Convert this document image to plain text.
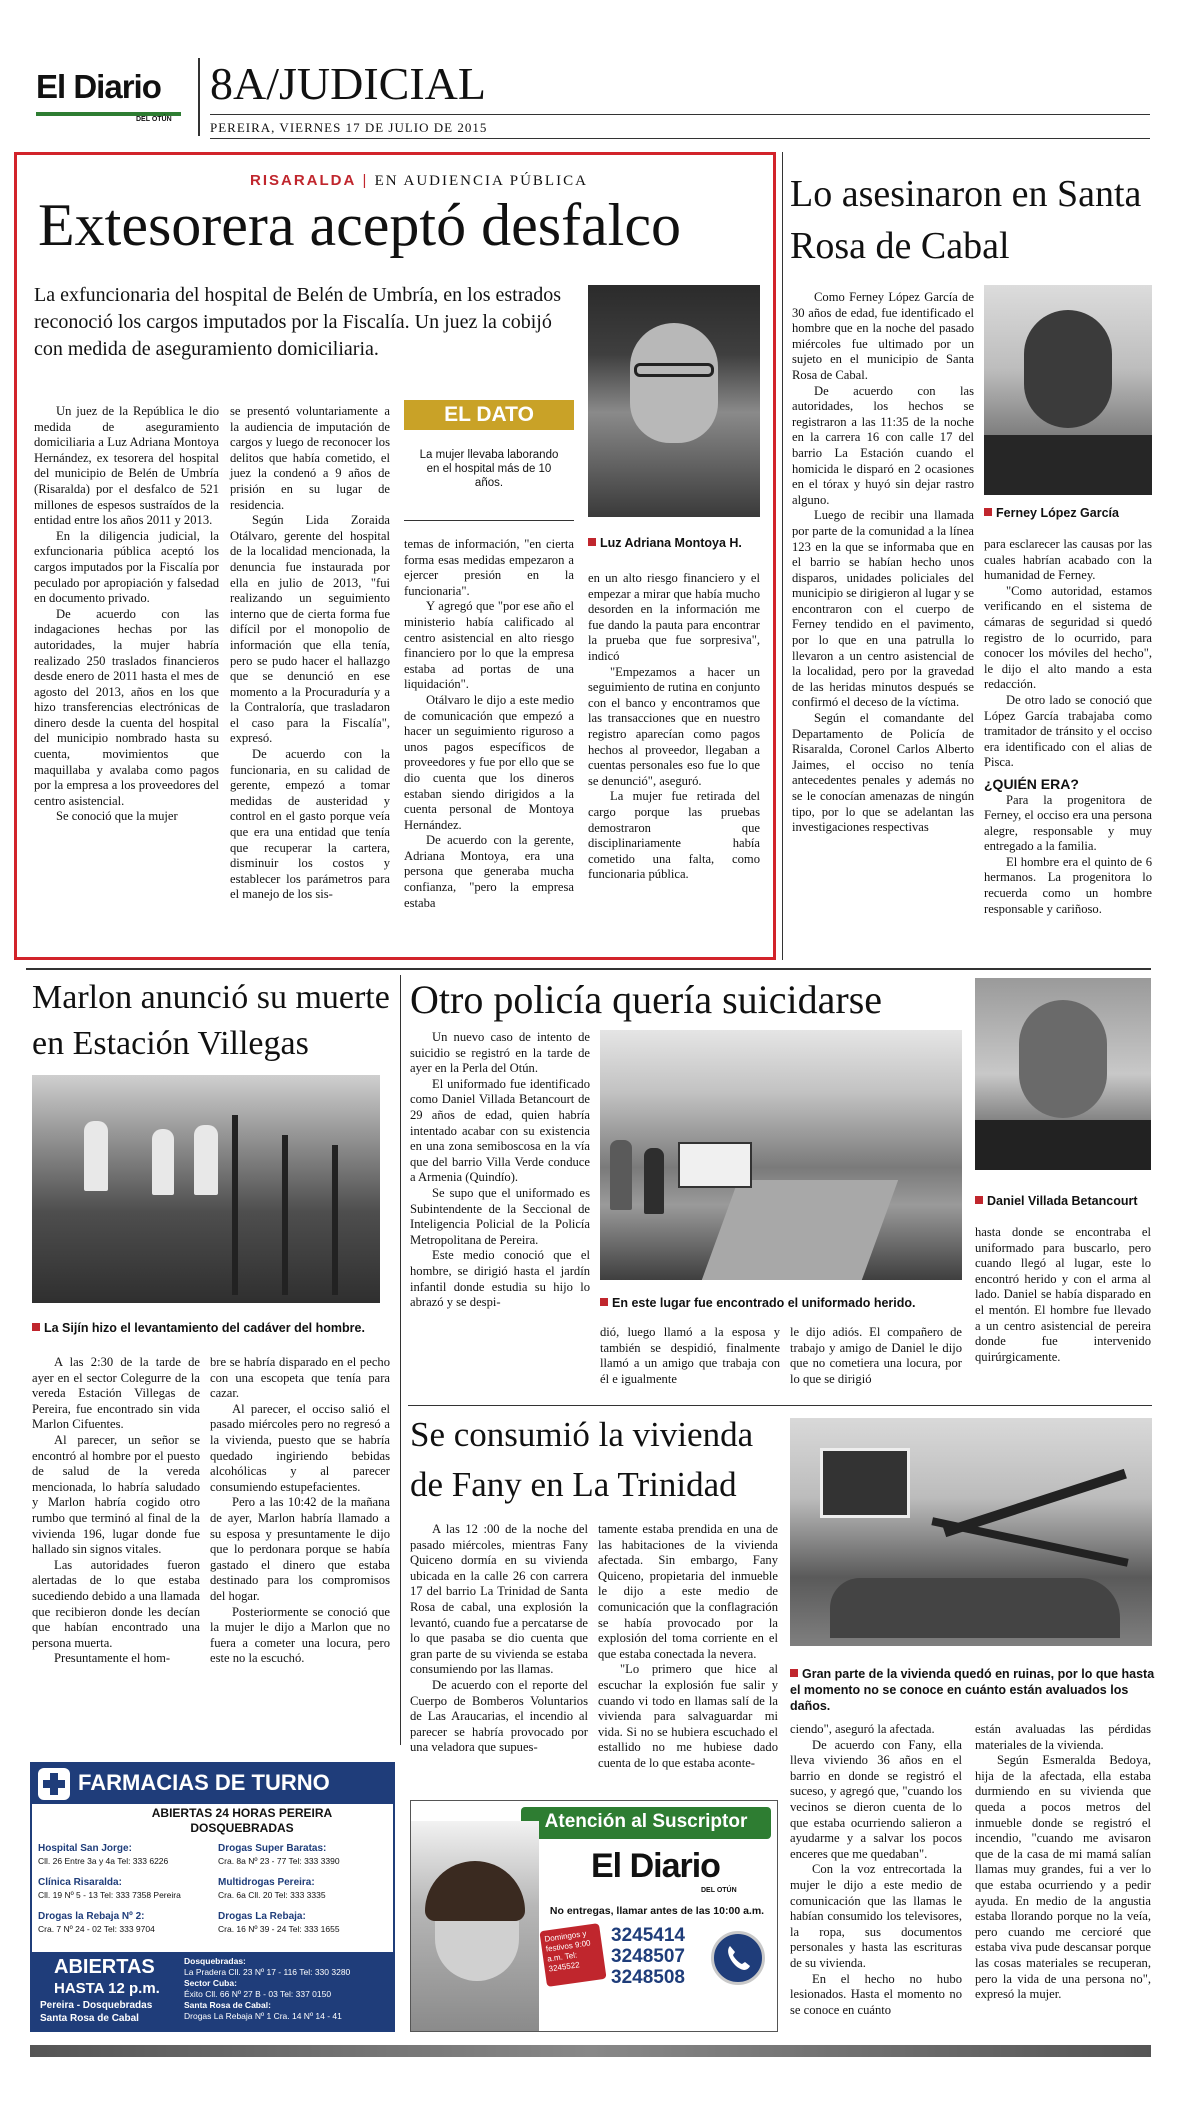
El Diario
DEL OTÚN
8A/JUDICIAL
PEREIRA, VIERNES 17 DE JULIO DE 2015
RISARALDA | EN AUDIENCIA PÚBLICA
Extesorera aceptó desfalco
La exfuncionaria del hospital de Belén de Umbría, en los estrados reconoció los cargos imputados por la Fiscalía. Un juez la cobijó con medida de aseguramiento domiciliaria.
EL DATO
La mujer llevaba laborando en el hospital más de 10 años.
Luz Adriana Montoya H.

Un juez de la República le dio medida de aseguramiento domiciliaria a Luz Adriana Montoya Hernández, ex tesorera del hospital del municipio de Belén de Umbría (Risaralda) por el desfalco de 521 millones de espesos sustraídos de la entidad entre los años 2011 y 2013.

En la diligencia judicial, la exfuncionaria pública aceptó los cargos imputados por la Fiscalía por peculado por apropiación y falsedad en documento privado.

De acuerdo con las indagaciones hechas por las autoridades, la mujer habría realizado 250 traslados financieros desde enero de 2011 hasta el mes de agosto del 2013, años en los que hizo transferencias electrónicas de dinero desde la cuenta del hospital del municipio nombrado hasta su cuenta, movimientos que maquillaba y avalaba como pagos por la empresa a los proveedores del centro asistencial.

Se conoció que la mujer

se presentó voluntariamente a la audiencia de imputación de cargos y luego de reconocer los delitos que había cometido, el juez la condenó a 9 años de prisión en su lugar de residencia.

Según Lida Zoraida Otálvaro, gerente del hospital de la localidad mencionada, la denuncia fue instaurada por ella en julio de 2013, "fui realizando un seguimiento interno que de cierta forma fue difícil por el monopolio de información que ella tenía, pero se pudo hacer el hallazgo que se denunció en ese momento a la Procuraduría y a la Contraloría, que trasladaron el caso para la Fiscalía", expresó.

De acuerdo con la funcionaria, en su calidad de gerente, empezó a tomar medidas de austeridad y control en el gasto porque veía que era una entidad que tenía que recuperar la cartera, disminuir los costos y establecer los parámetros para el manejo de los sis-

temas de información, "en cierta forma esas medidas empezaron a ejercer presión en la funcionaria".

Y agregó que "por ese año el ministerio había calificado al centro asistencial en alto riesgo financiero por lo que la empresa estaba ad portas de una liquidación".

Otálvaro le dijo a este medio de comunicación que empezó a hacer un seguimiento riguroso a unos pagos específicos de proveedores y fue por ello que se dio cuenta que los dineros estaban siendo dirigidos a la cuenta personal de Montoya Hernández.

De acuerdo con la gerente, Adriana Montoya, era una persona que generaba mucha confianza, "pero la empresa estaba

en un alto riesgo financiero y el empezar a mirar que había mucho desorden en la información me fue dando la pauta para encontrar la prueba que fue sorpresiva", indicó

"Empezamos a hacer un seguimiento de rutina en conjunto con el banco y encontramos que las transacciones que en nuestro registro aparecían como pagos hechos al proveedor, llegaban a cuentas personales eso fue lo que se denunció", aseguró.

La mujer fue retirada del cargo porque las pruebas demostraron que disciplinariamente había cometido una falta, como funcionaria pública.

Lo asesinaron en Santa Rosa de Cabal

Como Ferney López García de 30 años de edad, fue identificado el hombre que en la noche del pasado miércoles fue ultimado por un sujeto en el municipio de Santa Rosa de Cabal.

De acuerdo con las autoridades, los hechos se registraron a las 11:35 de la noche en la carrera 16 con calle 17 del barrio La Estación cuando el homicida le disparó en 2 ocasiones en el tórax y huyó sin dejar rastro alguno.

Luego de recibir una llamada por parte de la comunidad a la línea 123 en la que se informaba que en el barrio se habían hecho unos disparos, unidades policiales del municipio se dirigieron al lugar y se encontraron con el cuerpo de Ferney tendido en el pavimento, por lo que en una patrulla lo llevaron a un centro asistencial de la localidad, pero por la gravedad de las heridas minutos después se confirmó el deceso de la víctima.

Según el comandante del Departamento de Policía de Risaralda, Coronel Carlos Alberto Jaimes, el occiso no tenía antecedentes penales y además no se le conocían amenazas de ningún tipo, por lo que se adelantan las investigaciones respectivas

Ferney López García

para esclarecer las causas por las cuales habrían acabado con la humanidad de Ferney.

"Como autoridad, estamos verificando en el sistema de cámaras de seguridad si quedó registro de lo ocurrido, para conocer los móviles del hecho", le dijo el alto mando a esta redacción.

De otro lado se conoció que López García trabajaba como tramitador de tránsito y el occiso era identificado con el alias de Pisca.

¿QUIÉN ERA?

Para la progenitora de Ferney, el occiso era una persona alegre, responsable y muy entregado a la familia.

El hombre era el quinto de 6 hermanos. La progenitora lo recuerda como un hombre responsable y cariñoso.

Marlon anunció su muerte en Estación Villegas
La Sijín hizo el levantamiento del cadáver del hombre.

A las 2:30 de la tarde de ayer en el sector Colegurre de la vereda Estación Villegas de Pereira, fue encontrado sin vida Marlon Cifuentes.

Al parecer, un señor se encontró al hombre por el puesto de salud de la vereda mencionada, lo habría saludado y Marlon habría cogido otro rumbo que terminó al final de la vivienda 196, lugar donde fue hallado sin signos vitales.

Las autoridades fueron alertadas de lo que estaba sucediendo debido a una llamada que recibieron donde les decían que habían encontrado una persona muerta.

Presuntamente el hom-

bre se habría disparado en el pecho con una escopeta que tenía para cazar.

Al parecer, el occiso salió el pasado miércoles pero no regresó a la vivienda, puesto que se habría quedado ingiriendo bebidas alcohólicas y al parecer consumiendo estupefacientes.

Pero a las 10:42 de la mañana de ayer, Marlon habría llamado a su esposa y presuntamente le dijo que lo perdonara porque se había gastado el dinero que estaba destinado para los compromisos del hogar.

Posteriormente se conoció que la mujer le dijo a Marlon que no fuera a cometer una locura, pero este no la escuchó.

Otro policía quería suicidarse

Un nuevo caso de intento de suicidio se registró en la tarde de ayer en la Perla del Otún.

El uniformado fue identificado como Daniel Villada Betancourt de 29 años de edad, quien habría intentado acabar con su existencia en una zona semiboscosa en la vía que del barrio Villa Verde conduce a Armenia (Quindío).

Se supo que el uniformado es Subintendente de la Seccional de Inteligencia Policial de la Policía Metropolitana de Pereira.

Este medio conoció que el hombre, se dirigió hasta el jardín infantil donde estudia su hijo lo abrazó y se despi-	En este lugar fue encontrado el uniformado herido.
Daniel Villada Betancourt

dió, luego llamó a la esposa y también se despidió, finalmente llamó a un amigo que trabaja con él e igualmente

le dijo adiós. El compañero de trabajo y amigo de Daniel le dijo que no cometiera una locura, por lo que se dirigió

hasta donde se encontraba el uniformado para buscarlo, pero cuando llegó al lugar, este lo encontró herido y con el arma al lado. Daniel se había disparado en el mentón. El hombre fue llevado a un centro asistencial de pereira donde fue intervenido quirúrgicamente.

Se consumió la vivienda de Fany en La Trinidad
Gran parte de la vivienda quedó en ruinas, por lo que hasta el momento no se conoce en cuánto están avaluados los daños.

A las 12 :00 de la noche del pasado miércoles, mientras Fany Quiceno dormía en su vivienda ubicada en la calle 26 con carrera 17 del barrio La Trinidad de Santa Rosa de cabal, una explosión la levantó, cuando fue a percatarse de lo que pasaba se dio cuenta que gran parte de su vivienda se estaba consumiendo por las llamas.

De acuerdo con el reporte del Cuerpo de Bomberos Voluntarios de Las Araucarias, el incendio al parecer se habría provocado por una veladora que supues-

tamente estaba prendida en una de las habitaciones de la vivienda afectada. Sin embargo, Fany Quiceno, propietaria del inmueble le dijo a este medio de comunicación que la conflagración se había provocado por la explosión del toma corriente en el que estaba conectada la nevera.

"Lo primero que hice al escuchar la explosión fue salir y cuando vi todo en llamas salí de la vivienda para salvaguardar mi vida. Si no se hubiera escuchado el estallido no me hubiese dado cuenta de lo que estaba aconte-

ciendo", aseguró la afectada.

De acuerdo con Fany, ella lleva viviendo 36 años en el barrio en donde se registró el suceso, y agregó que, "cuando los vecinos se dieron cuenta de lo que estaba ocurriendo salieron a ayudarme y a salvar los pocos enceres que me quedaban".

Con la voz entrecortada la mujer le dijo a este medio de comunicación que las llamas le habían consumido los televisores, la ropa, sus documentos personales y hasta las escrituras de su vivienda.

En el hecho no hubo lesionados. Hasta el momento no se conoce en cuánto

están avaluadas las pérdidas materiales de la vivienda.

Según Esmeralda Bedoya, hija de la afectada, ella estaba durmiendo en su vivienda que queda a pocos metros del inmueble donde se registró el incendio, "cuando me avisaron que de la casa de mi mamá salían llamas muy grandes, fui a ver lo que estaba ocurriendo y a pedir ayuda. En medio de la angustia estaba llorando porque no la veía, pero cuando me cercioré que estaba viva pude descansar porque las cosas materiales se recuperan, pero la vida de una persona no", expresó la mujer.

FARMACIAS DE TURNO
ABIERTAS 24 HORAS PEREIRA DOSQUEBRADAS
Hospital San Jorge:
Cll. 26 Entre 3a y 4a Tel: 333 6226
Drogas Super Baratas:
Cra. 8a Nº 23 - 77 Tel: 333 3390
Clínica Risaralda:
Cll. 19 Nº 5 - 13 Tel: 333 7358 Pereira
Multidrogas Pereira:
Cra. 6a Cll. 20 Tel: 333 3335
Drogas la Rebaja Nº 2:
Cra. 7 Nº 24 - 02 Tel: 333 9704
Drogas La Rebaja:
Cra. 16 Nº 39 - 24 Tel: 333 1655
ABIERTAS
HASTA 12 p.m.
Pereira - Dosquebradas
Santa Rosa de Cabal
Dosquebradas:
La Pradera Cll. 23 Nº 17 - 116 Tel: 330 3280
Sector Cuba:
Éxito Cll. 66 Nº 27 B - 03 Tel: 337 0150
Santa Rosa de Cabal:
Drogas La Rebaja Nº 1 Cra. 14 Nº 14 - 41
Atención al Suscriptor
El Diario
DEL OTÚN
No entregas, llamar antes de las 10:00 a.m.
Domingos y festivos 9:00 a.m. Tel: 3245522
3245414
3248507
3248508
